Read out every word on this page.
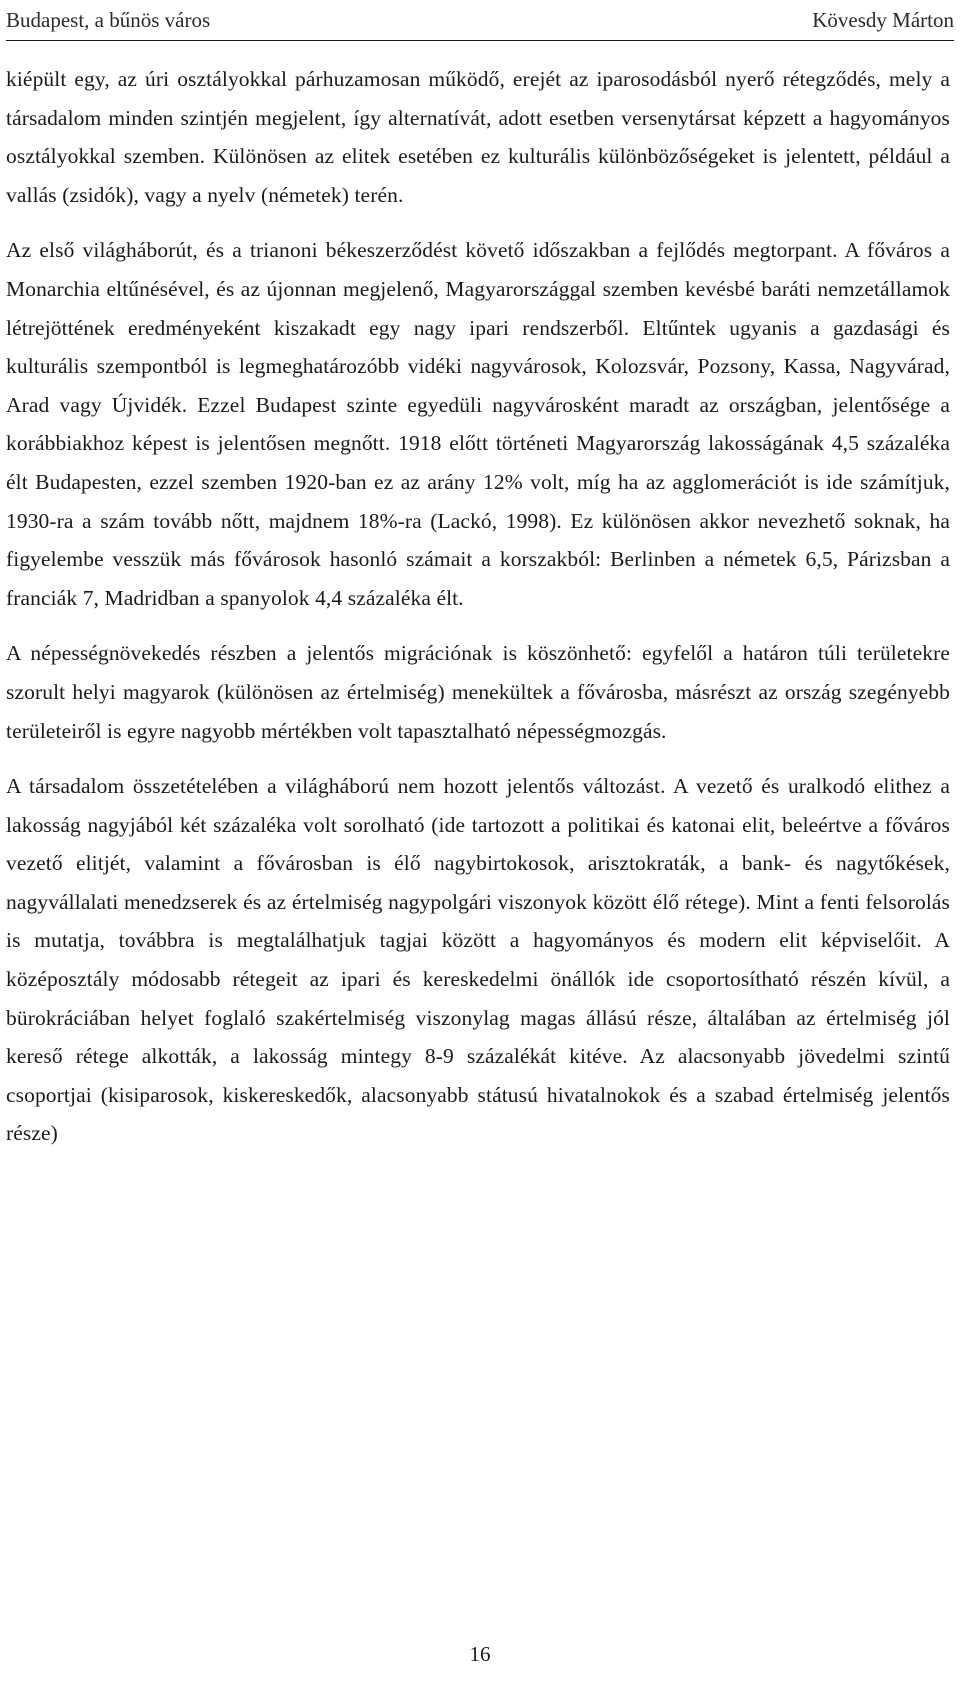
Budapest, a bűnös város	Kövesdy Márton

kiépült egy, az úri osztályokkal párhuzamosan működő, erejét az iparosodásból nyerő rétegződés, mely a társadalom minden szintjén megjelent, így alternatívát, adott esetben versenytársat képzett a hagyományos osztályokkal szemben. Különösen az elitek esetében ez kulturális különbözőségeket is jelentett, például a vallás (zsidók), vagy a nyelv (németek) terén.

Az első világháborút, és a trianoni békeszerződést követő időszakban a fejlődés megtorpant. A főváros a Monarchia eltűnésével, és az újonnan megjelenő, Magyarországgal szemben kevésbé baráti nemzetállamok létrejöttének eredményeként kiszakadt egy nagy ipari rendszerből. Eltűntek ugyanis a gazdasági és kulturális szempontból is legmeghatározóbb vidéki nagyvárosok, Kolozsvár, Pozsony, Kassa, Nagyvárad, Arad vagy Újvidék. Ezzel Budapest szinte egyedüli nagyvárosként maradt az országban, jelentősége a korábbiakhoz képest is jelentősen megnőtt. 1918 előtt történeti Magyarország lakosságának 4,5 százaléka élt Budapesten, ezzel szemben 1920-ban ez az arány 12% volt, míg ha az agglomerációt is ide számítjuk, 1930-ra a szám tovább nőtt, majdnem 18%-ra (Lackó, 1998). Ez különösen akkor nevezhető soknak, ha figyelembe vesszük más fővárosok hasonló számait a korszakból: Berlinben a németek 6,5, Párizsban a franciák 7, Madridban a spanyolok 4,4 százaléka élt.

A népességnövekedés részben a jelentős migrációnak is köszönhető: egyfelől a határon túli területekre szorult helyi magyarok (különösen az értelmiség) menekültek a fővárosba, másrészt az ország szegényebb területeiről is egyre nagyobb mértékben volt tapasztalható népességmozgás.

A társadalom összetételében a világháború nem hozott jelentős változást. A vezető és uralkodó elithez a lakosság nagyjából két százaléka volt sorolható (ide tartozott a politikai és katonai elit, beleértve a főváros vezető elitjét, valamint a fővárosban is élő nagybirtokosok, arisztokraták, a bank- és nagytőkések, nagyvállalati menedzserek és az értelmiség nagypolgári viszonyok között élő rétege). Mint a fenti felsorolás is mutatja, továbbra is megtalálhatjuk tagjai között a hagyományos és modern elit képviselőit. A középosztály módosabb rétegeit az ipari és kereskedelmi önállók ide csoportosítható részén kívül, a bürokráciában helyet foglaló szakértelmiség viszonylag magas állású része, általában az értelmiség jól kereső rétege alkották, a lakosság mintegy 8-9 százalékát kitéve. Az alacsonyabb jövedelmi szintű csoportjai (kisiparosok, kiskereskedők, alacsonyabb státusú hivatalnokok és a szabad értelmiség jelentős része)

16
